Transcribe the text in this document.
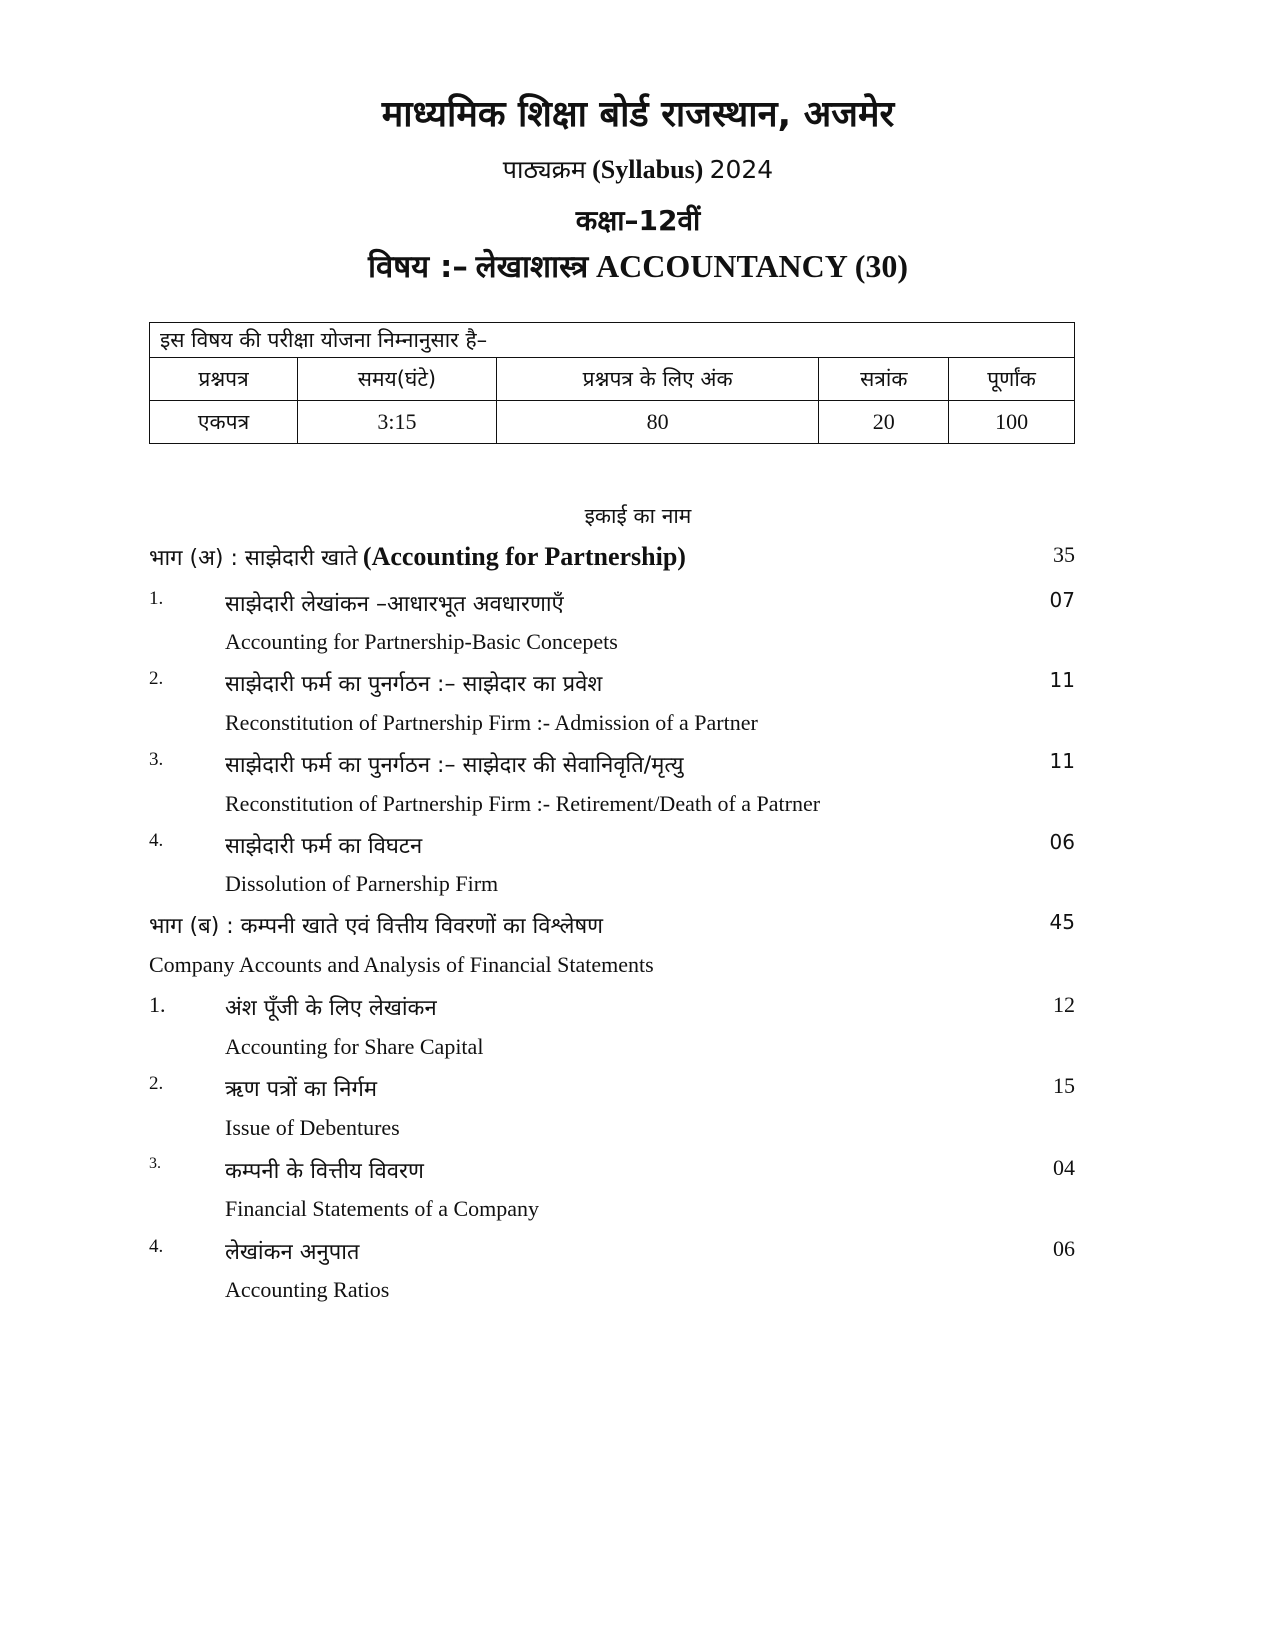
माध्यमिक शिक्षा बोर्ड राजस्थान, अजमेर
पाठ्यक्रम (Syllabus) 2024
कक्षा–12वीं
विषय :– लेखाशास्त्र ACCOUNTANCY (30)
इस विषय की परीक्षा योजना निम्नानुसार है–				
प्रश्नपत्र	समय(घंटे)	प्रश्नपत्र के लिए अंक	सत्रांक	पूर्णांक
एकपत्र	3:15	80	20	100
इकाई का नाम
भाग (अ) : साझेदारी खाते (Accounting for Partnership)	35
1.	साझेदारी लेखांकन –आधारभूत अवधारणाएँ	07
Accounting for Partnership-Basic Concepets
2.	साझेदारी फर्म का पुनर्गठन :– साझेदार का प्रवेश	11
Reconstitution of Partnership Firm :- Admission of a Partner
3.	साझेदारी फर्म का पुनर्गठन :– साझेदार की सेवानिवृति/मृत्यु	11
Reconstitution of Partnership Firm :- Retirement/Death of a Patrner
4.	साझेदारी फर्म का विघटन	06
Dissolution of Parnership Firm
भाग (ब) : कम्पनी खाते एवं वित्तीय विवरणों का विश्लेषण	45
Company Accounts and Analysis of Financial Statements
1.	अंश पूँजी के लिए लेखांकन	12
Accounting for Share Capital
2.	ऋण पत्रों का निर्गम	15
Issue of Debentures
3.	कम्पनी के वित्तीय विवरण	04
Financial Statements of a Company
4.	लेखांकन अनुपात	06
Accounting Ratios
